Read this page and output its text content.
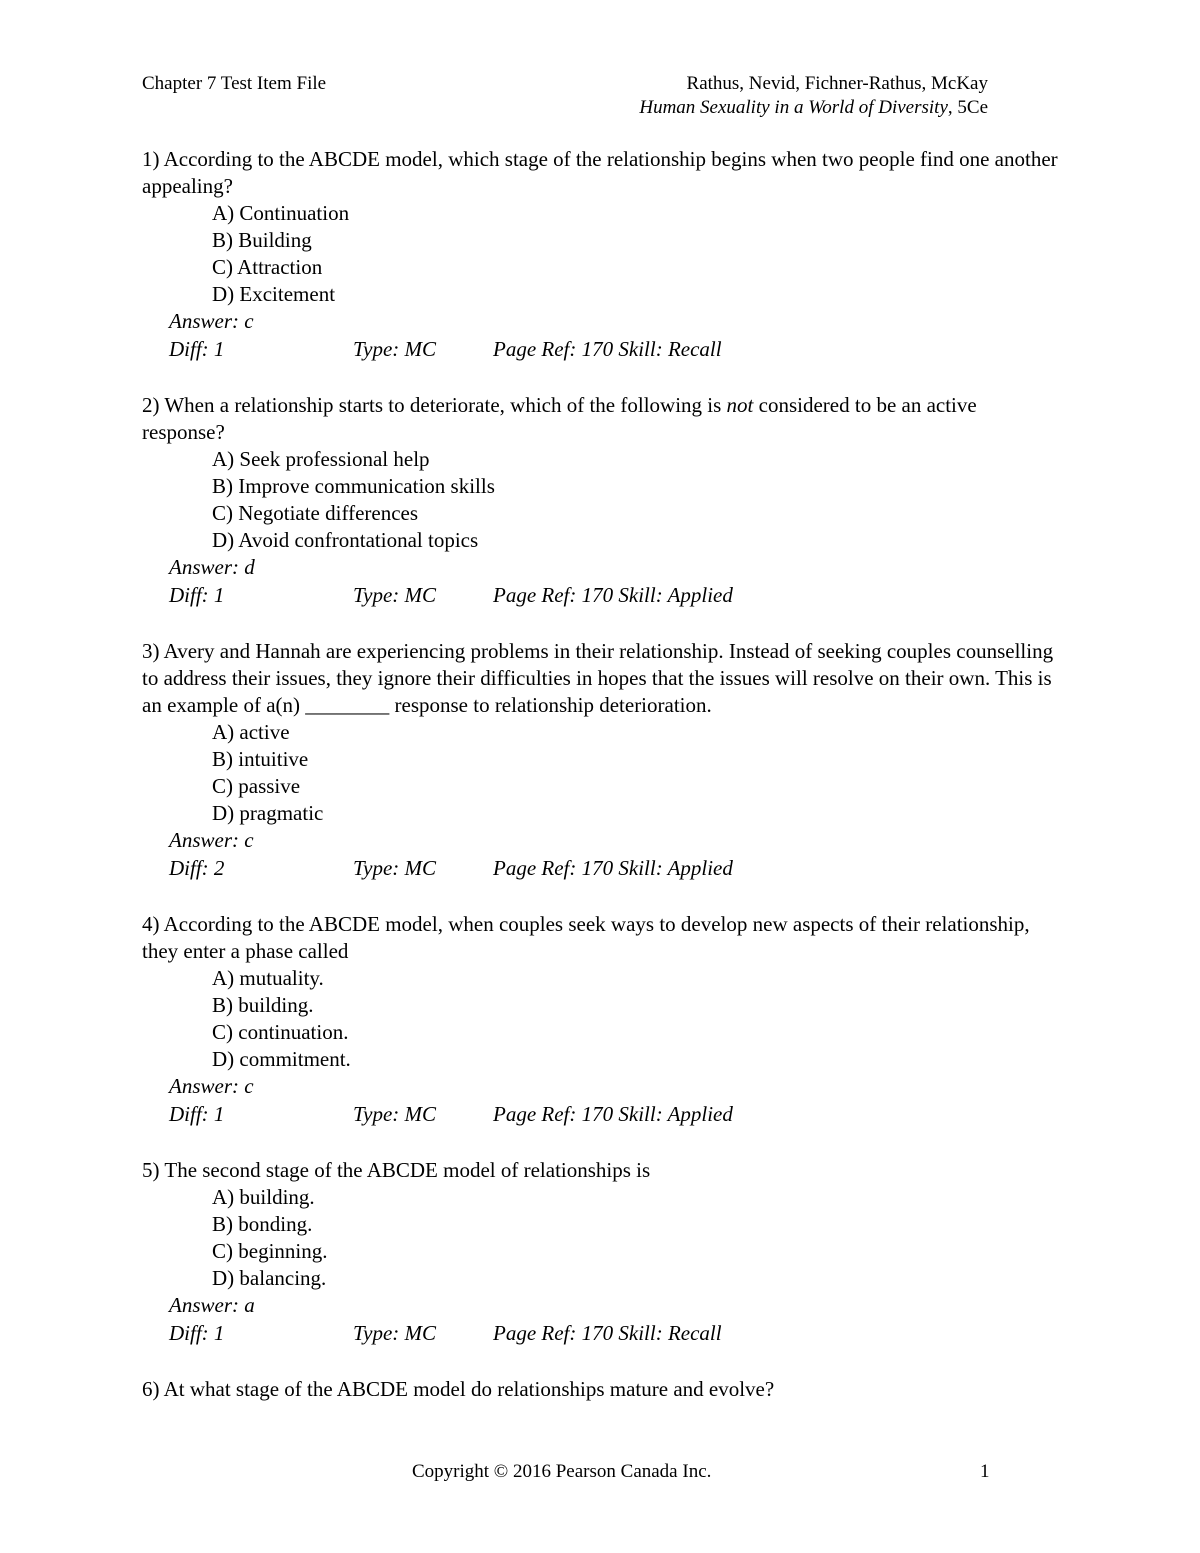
Chapter 7 Test Item File	Rathus, Nevid, Fichner-Rathus, McKay
Human Sexuality in a World of Diversity, 5Ce

1) According to the ABCDE model, which stage of the relationship begins when two people find one another appealing?

A) Continuation
B) Building
C) Attraction
D) Excitement
Answer: c
Diff: 1	Type: MC	Page Ref: 170 Skill: Recall

2) When a relationship starts to deteriorate, which of the following is not considered to be an active response?

A) Seek professional help
B) Improve communication skills
C) Negotiate differences
D) Avoid confrontational topics
Answer: d
Diff: 1	Type: MC	Page Ref: 170 Skill: Applied

3) Avery and Hannah are experiencing problems in their relationship. Instead of seeking couples counselling to address their issues, they ignore their difficulties in hopes that the issues will resolve on their own. This is an example of a(n) ________ response to relationship deterioration.

A) active
B) intuitive
C) passive
D) pragmatic
Answer: c
Diff: 2	Type: MC	Page Ref: 170 Skill: Applied

4) According to the ABCDE model, when couples seek ways to develop new aspects of their relationship, they enter a phase called

A) mutuality.
B) building.
C) continuation.
D) commitment.
Answer: c
Diff: 1	Type: MC	Page Ref: 170 Skill: Applied

5) The second stage of the ABCDE model of relationships is

A) building.
B) bonding.
C) beginning.
D) balancing.
Answer: a
Diff: 1	Type: MC	Page Ref: 170 Skill: Recall

6) At what stage of the ABCDE model do relationships mature and evolve?

Copyright © 2016 Pearson Canada Inc.	1
